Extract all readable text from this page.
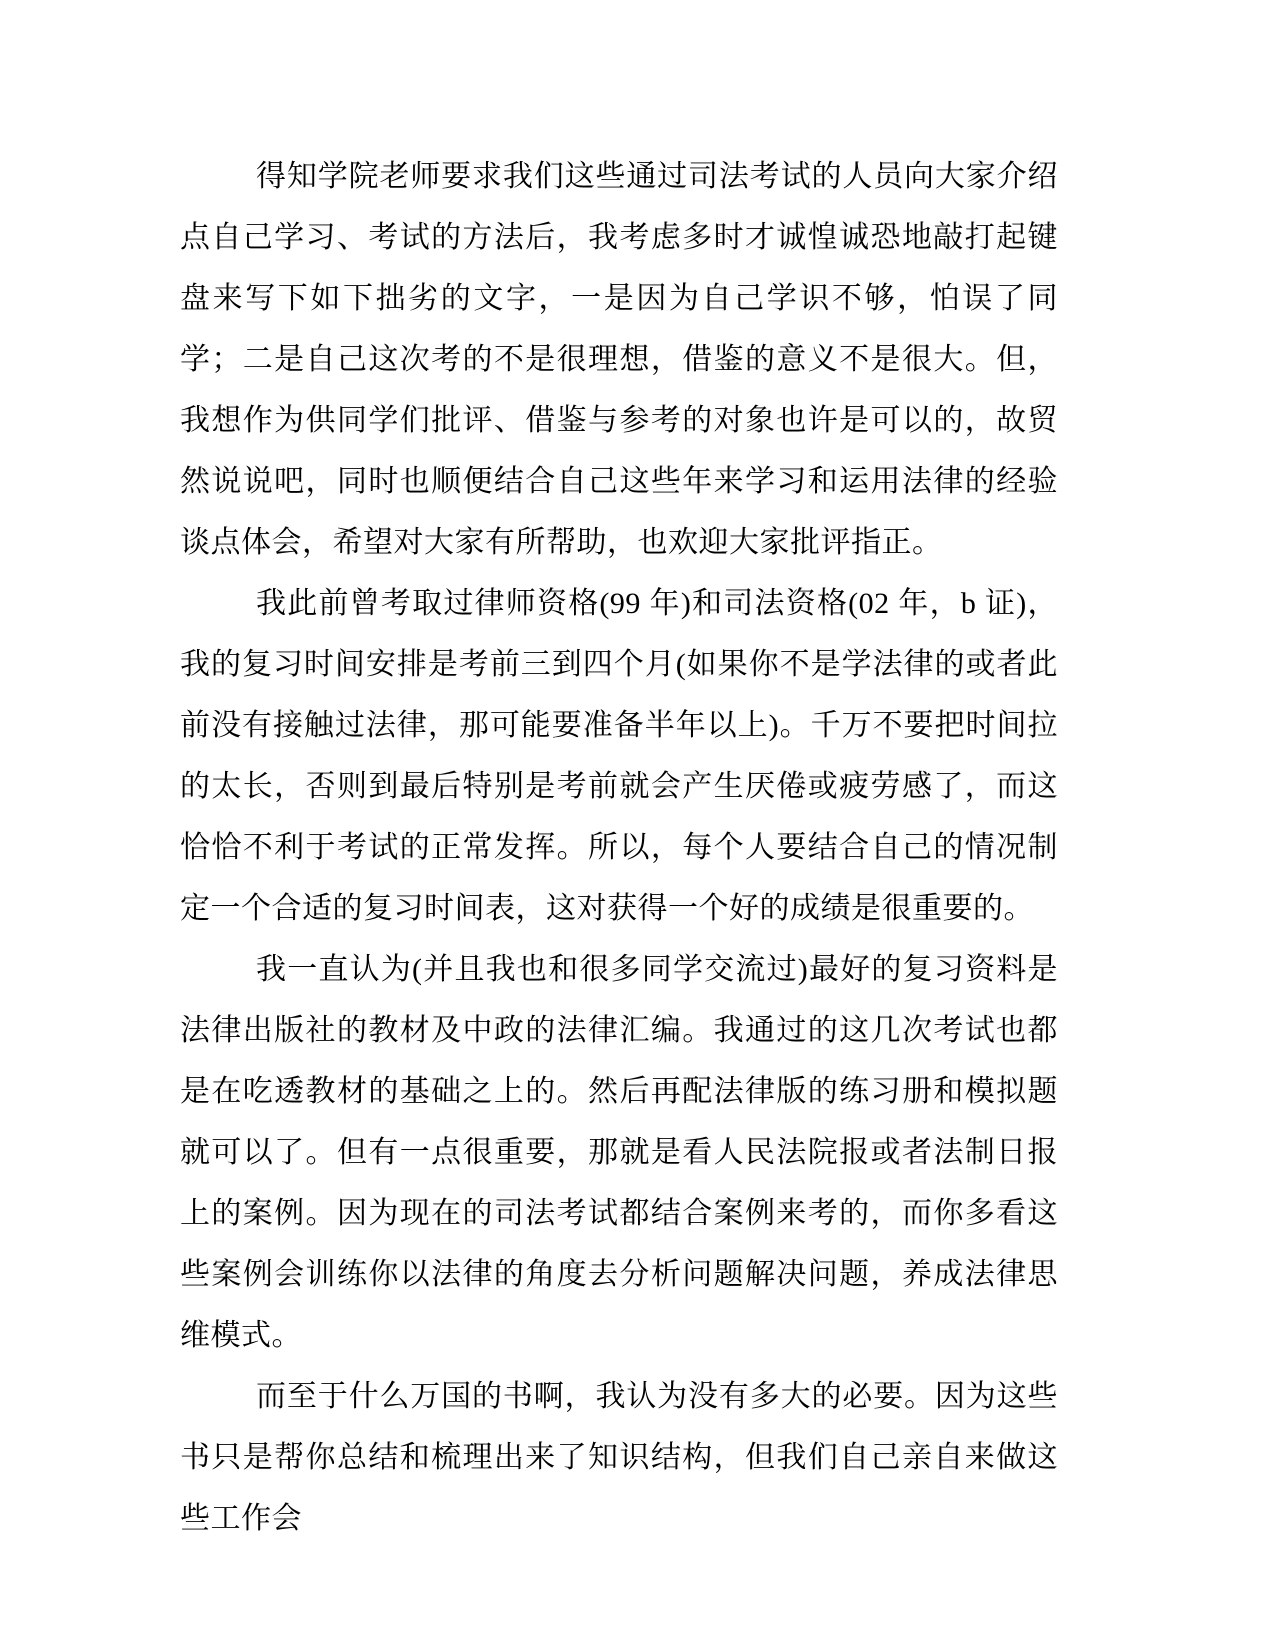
得知学院老师要求我们这些通过司法考试的人员向大家介绍点自己学习、考试的方法后，我考虑多时才诚惶诚恐地敲打起键盘来写下如下拙劣的文字，一是因为自己学识不够，怕误了同学；二是自己这次考的不是很理想，借鉴的意义不是很大。但，我想作为供同学们批评、借鉴与参考的对象也许是可以的，故贸然说说吧，同时也顺便结合自己这些年来学习和运用法律的经验谈点体会，希望对大家有所帮助，也欢迎大家批评指正。

我此前曾考取过律师资格(99 年)和司法资格(02 年，b 证)，我的复习时间安排是考前三到四个月(如果你不是学法律的或者此前没有接触过法律，那可能要准备半年以上)。千万不要把时间拉的太长，否则到最后特别是考前就会产生厌倦或疲劳感了，而这恰恰不利于考试的正常发挥。所以，每个人要结合自己的情况制定一个合适的复习时间表，这对获得一个好的成绩是很重要的。

我一直认为(并且我也和很多同学交流过)最好的复习资料是法律出版社的教材及中政的法律汇编。我通过的这几次考试也都是在吃透教材的基础之上的。然后再配法律版的练习册和模拟题就可以了。但有一点很重要，那就是看人民法院报或者法制日报上的案例。因为现在的司法考试都结合案例来考的，而你多看这些案例会训练你以法律的角度去分析问题解决问题，养成法律思维模式。

而至于什么万国的书啊，我认为没有多大的必要。因为这些书只是帮你总结和梳理出来了知识结构，但我们自己亲自来做这些工作会
